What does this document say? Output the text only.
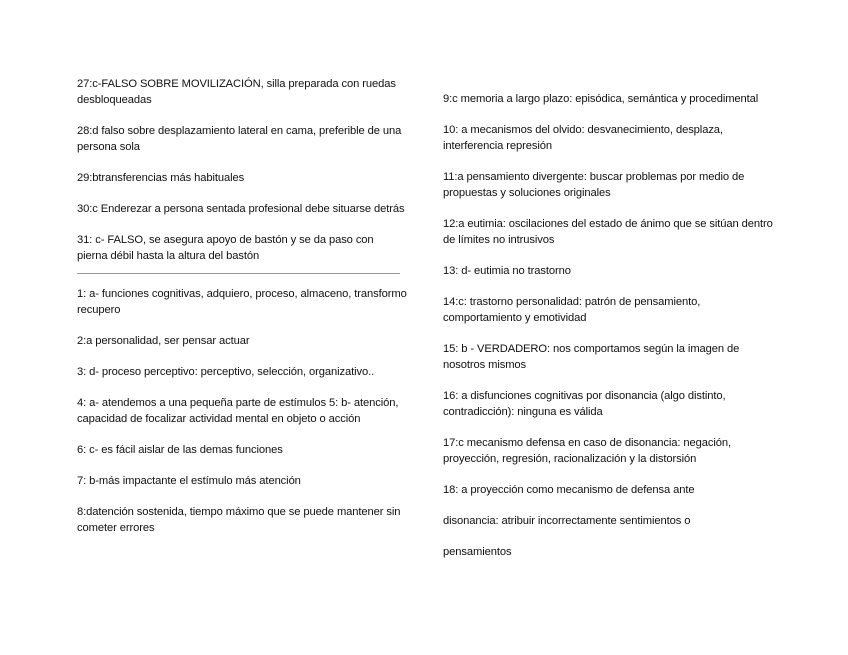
27:c-FALSO SOBRE MOVILIZACIÓN, silla preparada con ruedas desbloqueadas

28:d falso sobre desplazamiento lateral en cama, preferible de una persona sola

29:btransferencias más habituales

30:c Enderezar a persona sentada profesional debe situarse detrás

31: c- FALSO, se asegura apoyo de bastón y se da paso con pierna débil hasta la altura del bastón

1: a- funciones cognitivas, adquiero, proceso, almaceno, transformo recupero

2:a personalidad, ser pensar actuar

3: d- proceso perceptivo: perceptivo, selección, organizativo..

4: a- atendemos a una pequeña parte de estímulos 5: b- atención, capacidad de focalizar actividad mental en objeto o acción

6: c- es fácil aislar de las demas funciones

7: b-más impactante el estímulo más atención

8:datención sostenida, tiempo máximo que se puede mantener sin cometer errores

9:c memoria a largo plazo: episódica, semántica y procedimental

10: a mecanismos del olvido: desvanecimiento, desplaza, interferencia represión

11:a pensamiento divergente: buscar problemas por medio de propuestas y soluciones originales

12:a eutimia: oscilaciones del estado de ánimo que se sitúan dentro de límites no intrusivos

13: d- eutimia no trastorno

14:c: trastorno personalidad: patrón de pensamiento, comportamiento y emotividad

15: b - VERDADERO: nos comportamos según la imagen de nosotros mismos

16: a disfunciones cognitivas por disonancia (algo distinto, contradicción): ninguna es válida

17:c mecanismo defensa en caso de disonancia: negación, proyección, regresión, racionalización y la distorsión

18: a proyección como mecanismo de defensa ante

disonancia: atribuir incorrectamente sentimientos o

pensamientos
